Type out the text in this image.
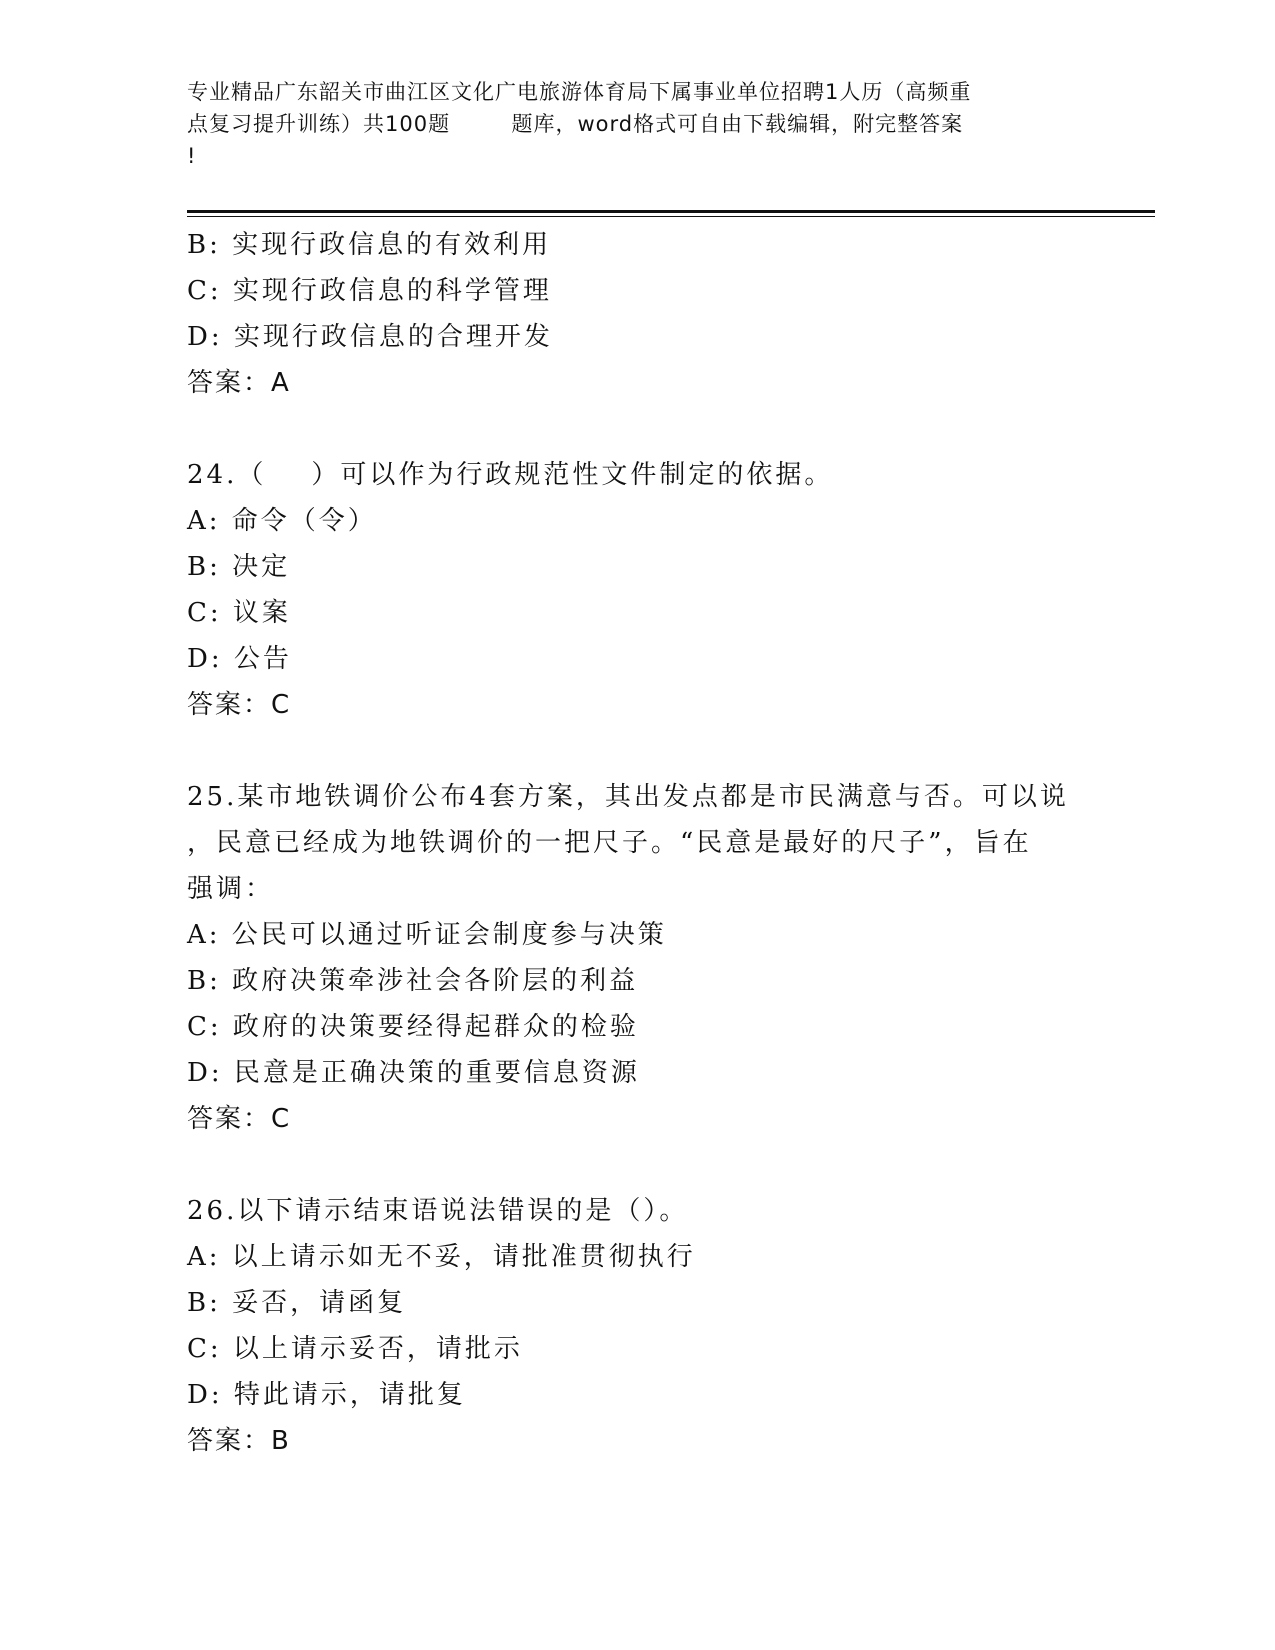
专业精品广东韶关市曲江区文化广电旅游体育局下属事业单位招聘1人历（高频重
点复习提升训练）共100题        题库，word格式可自由下载编辑，附完整答案
!
B: 实现行政信息的有效利用
C: 实现行政信息的科学管理
D: 实现行政信息的合理开发
答案：A
24.（    ）可以作为行政规范性文件制定的依据。
A: 命令（令）
B: 决定
C: 议案
D: 公告
答案：C
25.某市地铁调价公布4套方案，其出发点都是市民满意与否。可以说
，民意已经成为地铁调价的一把尺子。“民意是最好的尺子”，旨在
强调：
A: 公民可以通过听证会制度参与决策
B: 政府决策牵涉社会各阶层的利益
C: 政府的决策要经得起群众的检验
D: 民意是正确决策的重要信息资源
答案：C
26.以下请示结束语说法错误的是（）。
A: 以上请示如无不妥，请批准贯彻执行
B: 妥否，请函复
C: 以上请示妥否，请批示
D: 特此请示，请批复
答案：B
